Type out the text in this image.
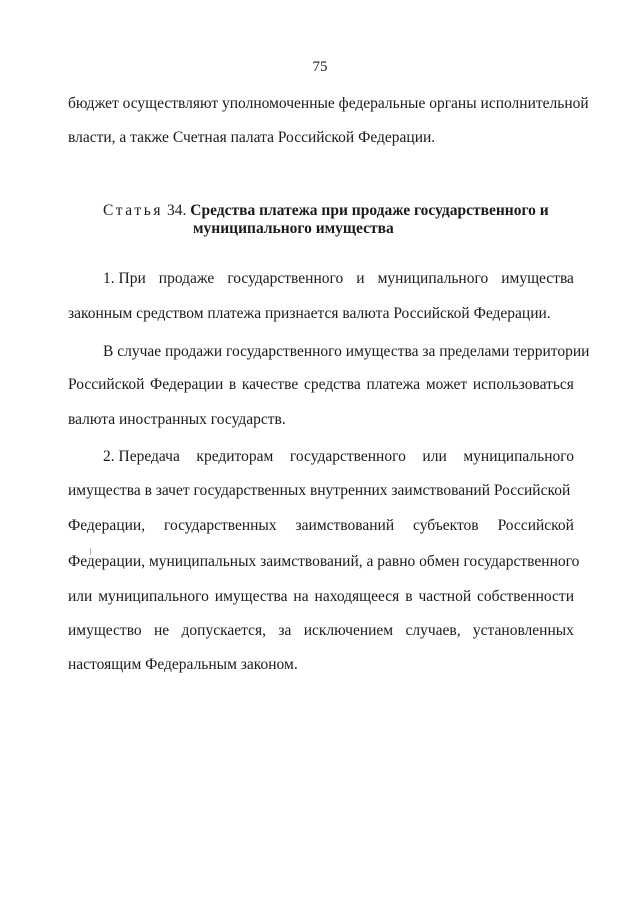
75
бюджет осуществляют уполномоченные федеральные органы исполнительной
власти, а также Счетная палата Российской Федерации.
Статья 34. Средства платежа при продаже государственного и
муниципального имущества
1. При продаже государственного и муниципального имущества
законным средством платежа признается валюта Российской Федерации.
В случае продажи государственного имущества за пределами территории
Российской Федерации в качестве средства платежа может использоваться
валюта иностранных государств.
2. Передача кредиторам государственного или муниципального
имущества в зачет государственных внутренних заимствований Российской
Федерации, государственных заимствований субъектов Российской
Федерации, муниципальных заимствований, а равно обмен государственного
или муниципального имущества на находящееся в частной собственности
имущество не допускается, за исключением случаев, установленных
настоящим Федеральным законом.
